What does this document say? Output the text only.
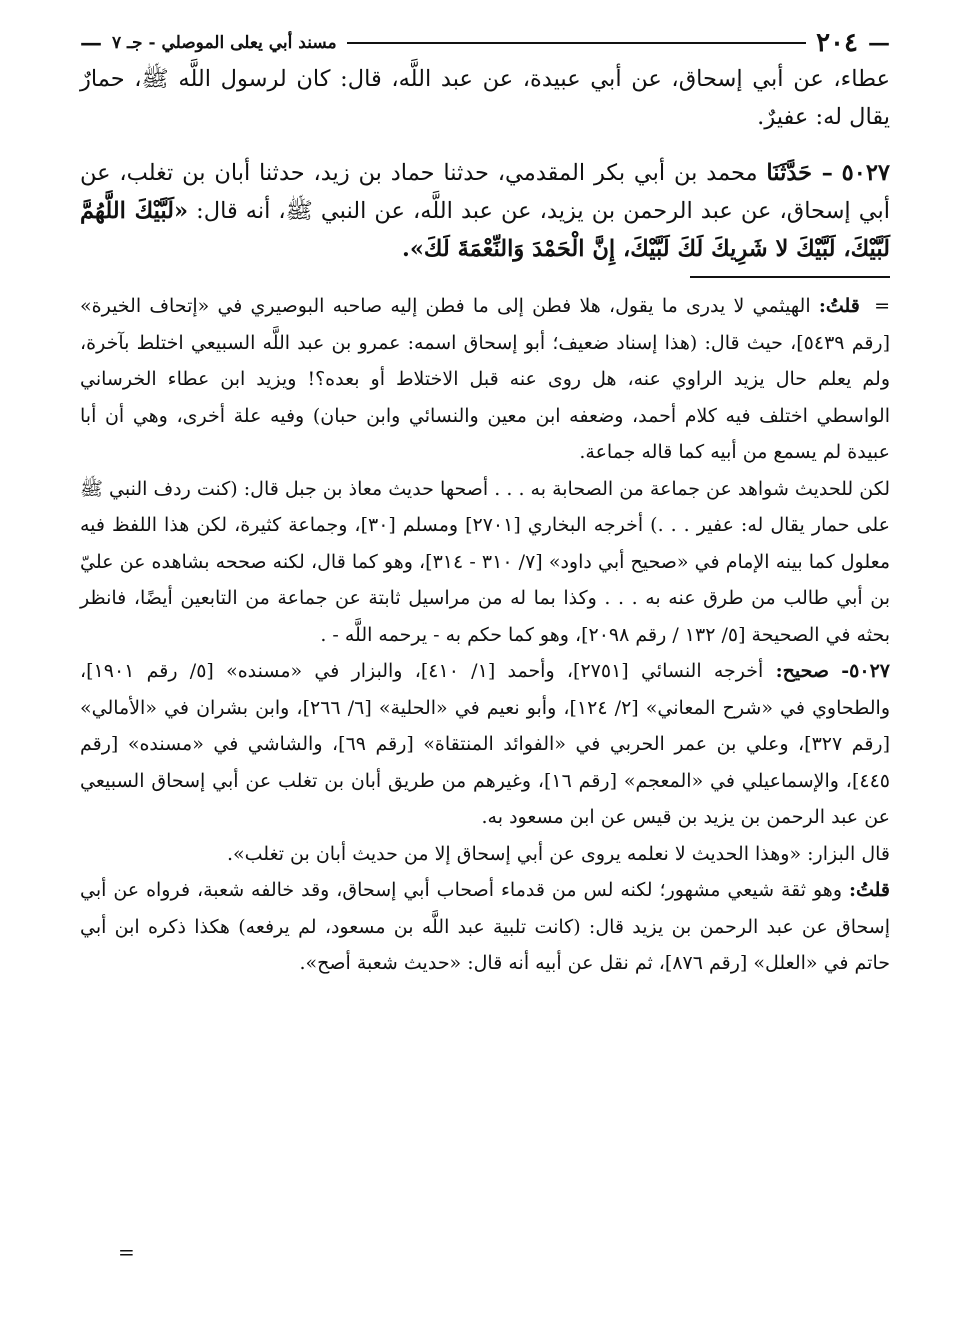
—
٢٠٤
مسند أبي يعلى الموصلي - جـ ٧
—

عطاء، عن أبي إسحاق، عن أبي عبيدة، عن عبد اللَّه، قال: كان لرسول اللَّه ﷺ، حمارٌ يقال له: عفيرٌ.

٥٠٢٧ – حَدَّثَنَا محمد بن أبي بكر المقدمي، حدثنا حماد بن زيد، حدثنا أبان بن تغلب، عن أبي إسحاق، عن عبد الرحمن بن يزيد، عن عبد اللَّه، عن النبي ﷺ، أنه قال: «لَبَّيْكَ اللَّهُمَّ لَبَّيْكَ، لَبَّيْكَ لا شَرِيكَ لَكَ لَبَّيْكَ، إِنَّ الْحَمْدَ وَالنِّعْمَةَ لَكَ».

= قلتُ: الهيثمي لا يدرى ما يقول، هلا فطن إلى ما فطن إليه صاحبه البوصيري في «إتحاف الخيرة» [رقم ٥٤٣٩]، حيث قال: (هذا إسناد ضعيف؛ أبو إسحاق اسمه: عمرو بن عبد اللَّه السبيعي اختلط بآخرة، ولم يعلم حال يزيد الراوي عنه، هل روى عنه قبل الاختلاط أو بعده؟! ويزيد ابن عطاء الخرساني الواسطي اختلف فيه كلام أحمد، وضعفه ابن معين والنسائي وابن حبان) وفيه علة أخرى، وهي أن أبا عبيدة لم يسمع من أبيه كما قاله جماعة.

لكن للحديث شواهد عن جماعة من الصحابة به . . . أصحها حديث معاذ بن جبل قال: (كنت ردف النبي ﷺ على حمار يقال له: عفير . . .) أخرجه البخاري [٢٧٠١] ومسلم [٣٠]، وجماعة كثيرة، لكن هذا اللفظ فيه معلول كما بينه الإمام في «صحيح أبي داود» [٧/ ٣١٠ - ٣١٤]، وهو كما قال، لكنه صححه بشاهده عن عليّ بن أبي طالب من طرق عنه به . . . وكذا بما له من مراسيل ثابتة عن جماعة من التابعين أيضًا، فانظر بحثه في الصحيحة [٥/ ١٣٢ / رقم ٢٠٩٨]، وهو كما حكم به - يرحمه اللَّه - .

٥٠٢٧- صحيح: أخرجه النسائي [٢٧٥١]، وأحمد [١/ ٤١٠]، والبزار في «مسنده» [٥/ رقم ١٩٠١]، والطحاوي في «شرح المعاني» [٢/ ١٢٤]، وأبو نعيم في «الحلية» [٦/ ٢٦٦]، وابن بشران في «الأمالي» [رقم ٣٢٧]، وعلي بن عمر الحربي في «الفوائد المنتقاة» [رقم ٦٩]، والشاشي في «مسنده» [رقم ٤٤٥]، والإسماعيلي في «المعجم» [رقم ١٦]، وغيرهم من طريق أبان بن تغلب عن أبي إسحاق السبيعي عن عبد الرحمن بن يزيد بن قيس عن ابن مسعود به.

قال البزار: «وهذا الحديث لا نعلمه يروى عن أبي إسحاق إلا من حديث أبان بن تغلب».

قلتُ: وهو ثقة شيعي مشهور؛ لكنه لس من قدماء أصحاب أبي إسحاق، وقد خالفه شعبة، فرواه عن أبي إسحاق عن عبد الرحمن بن يزيد قال: (كانت تلبية عبد اللَّه بن مسعود، لم يرفعه) هكذا ذكره ابن أبي حاتم في «العلل» [رقم ٨٧٦]، ثم نقل عن أبيه أنه قال: «حديث شعبة أصح».

=
